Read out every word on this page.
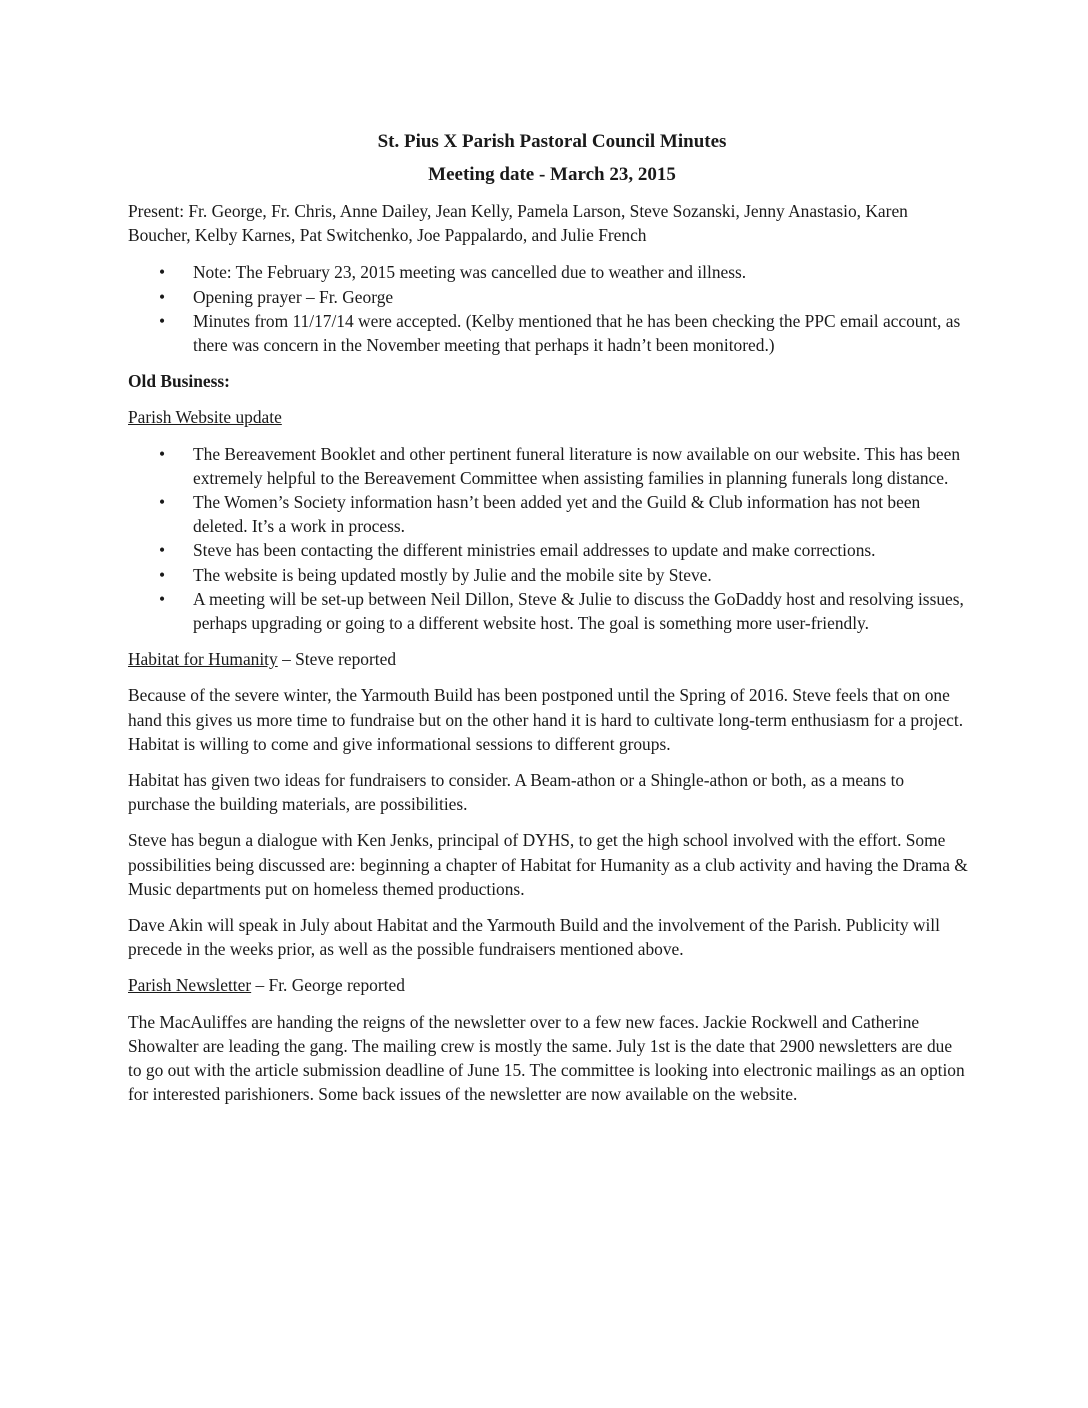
St. Pius X Parish Pastoral Council Minutes

Meeting date - March 23, 2015

Present: Fr. George, Fr. Chris, Anne Dailey, Jean Kelly, Pamela Larson, Steve Sozanski, Jenny Anastasio, Karen Boucher, Kelby Karnes, Pat Switchenko, Joe Pappalardo, and Julie French

• Note: The February 23, 2015 meeting was cancelled due to weather and illness.
• Opening prayer – Fr. George
• Minutes from 11/17/14 were accepted. (Kelby mentioned that he has been checking the PPC email account, as there was concern in the November meeting that perhaps it hadn’t been monitored.)

Old Business:

Parish Website update

• The Bereavement Booklet and other pertinent funeral literature is now available on our website. This has been extremely helpful to the Bereavement Committee when assisting families in planning funerals long distance.
• The Women’s Society information hasn’t been added yet and the Guild & Club information has not been deleted. It’s a work in process.
• Steve has been contacting the different ministries email addresses to update and make corrections.
• The website is being updated mostly by Julie and the mobile site by Steve.
• A meeting will be set-up between Neil Dillon, Steve & Julie to discuss the GoDaddy host and resolving issues, perhaps upgrading or going to a different website host. The goal is something more user-friendly.

Habitat for Humanity – Steve reported

Because of the severe winter, the Yarmouth Build has been postponed until the Spring of 2016. Steve feels that on one hand this gives us more time to fundraise but on the other hand it is hard to cultivate long-term enthusiasm for a project. Habitat is willing to come and give informational sessions to different groups.

Habitat has given two ideas for fundraisers to consider. A Beam-athon or a Shingle-athon or both, as a means to purchase the building materials, are possibilities.

Steve has begun a dialogue with Ken Jenks, principal of DYHS, to get the high school involved with the effort. Some possibilities being discussed are: beginning a chapter of Habitat for Humanity as a club activity and having the Drama & Music departments put on homeless themed productions.

Dave Akin will speak in July about Habitat and the Yarmouth Build and the involvement of the Parish. Publicity will precede in the weeks prior, as well as the possible fundraisers mentioned above.

Parish Newsletter – Fr. George reported

The MacAuliffes are handing the reigns of the newsletter over to a few new faces. Jackie Rockwell and Catherine Showalter are leading the gang. The mailing crew is mostly the same. July 1st is the date that 2900 newsletters are due to go out with the article submission deadline of June 15. The committee is looking into electronic mailings as an option for interested parishioners. Some back issues of the newsletter are now available on the website.
